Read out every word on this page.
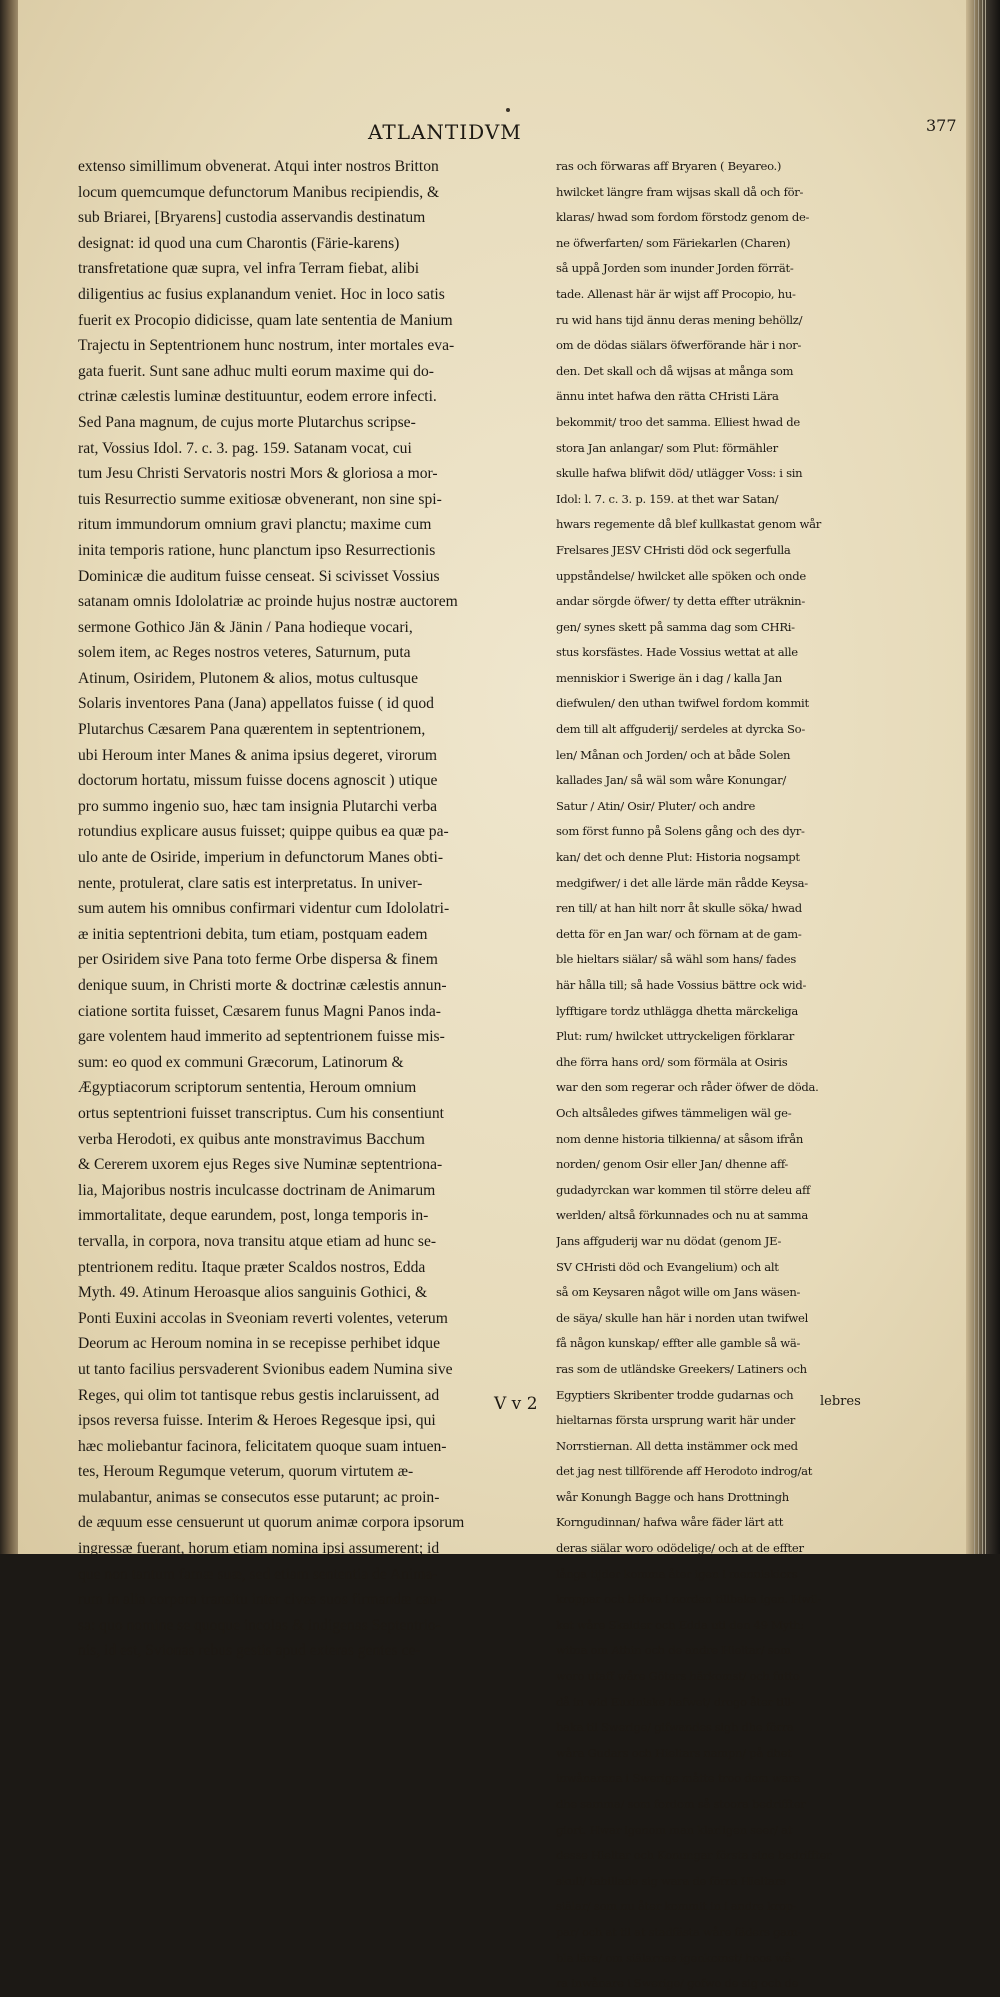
ATLANTIDVM	377
extenso simillimum obvenerat. Atqui inter nostros Britton
locum quemcumque defunctorum Manibus recipiendis, &
sub Briarei, [Bryarens] custodia asservandis destinatum
designat: id quod una cum Charontis (Färie-karens)
transfretatione quæ supra, vel infra Terram fiebat, alibi
diligentius ac fusius explanandum veniet. Hoc in loco satis
fuerit ex Procopio didicisse, quam late sententia de Manium
Trajectu in Septentrionem hunc nostrum, inter mortales eva-
gata fuerit. Sunt sane adhuc multi eorum maxime qui do-
ctrinæ cælestis luminæ destituuntur, eodem errore infecti.
Sed Pana magnum, de cujus morte Plutarchus scripse-
rat, Vossius Idol. 7. c. 3. pag. 159. Satanam vocat, cui
tum Jesu Christi Servatoris nostri Mors & gloriosa a mor-
tuis Resurrectio summe exitiosæ obvenerant, non sine spi-
ritum immundorum omnium gravi planctu; maxime cum
inita temporis ratione, hunc planctum ipso Resurrectionis
Dominicæ die auditum fuisse censeat. Si scivisset Vossius
satanam omnis Idololatriæ ac proinde hujus nostræ auctorem
sermone Gothico Jän & Jänin / Pana hodieque vocari,
solem item, ac Reges nostros veteres, Saturnum, puta
Atinum, Osiridem, Plutonem & alios, motus cultusque
Solaris inventores Pana (Jana) appellatos fuisse ( id quod
Plutarchus Cæsarem Pana quærentem in septentrionem,
ubi Heroum inter Manes & anima ipsius degeret, virorum
doctorum hortatu, missum fuisse docens agnoscit ) utique
pro summo ingenio suo, hæc tam insignia Plutarchi verba
rotundius explicare ausus fuisset; quippe quibus ea quæ pa-
ulo ante de Osiride, imperium in defunctorum Manes obti-
nente, protulerat, clare satis est interpretatus. In univer-
sum autem his omnibus confirmari videntur cum Idololatri-
æ initia septentrioni debita, tum etiam, postquam eadem
per Osiridem sive Pana toto ferme Orbe dispersa & finem
denique suum, in Christi morte & doctrinæ cælestis annun-
ciatione sortita fuisset, Cæsarem funus Magni Panos inda-
gare volentem haud immerito ad septentrionem fuisse mis-
sum: eo quod ex communi Græcorum, Latinorum &
Ægyptiacorum scriptorum sententia, Heroum omnium
ortus septentrioni fuisset transcriptus. Cum his consentiunt
verba Herodoti, ex quibus ante monstravimus Bacchum
& Cererem uxorem ejus Reges sive Numinæ septentriona-
lia, Majoribus nostris inculcasse doctrinam de Animarum
immortalitate, deque earundem, post, longa temporis in-
tervalla, in corpora, nova transitu atque etiam ad hunc se-
ptentrionem reditu. Itaque præter Scaldos nostros, Edda
Myth. 49. Atinum Heroasque alios sanguinis Gothici, &
Ponti Euxini accolas in Sveoniam reverti volentes, veterum
Deorum ac Heroum nomina in se recepisse perhibet idque
ut tanto facilius persvaderent Svionibus eadem Numina sive
Reges, qui olim tot tantisque rebus gestis inclaruissent, ad
ipsos reversa fuisse. Interim & Heroes Regesque ipsi, qui
hæc moliebantur facinora, felicitatem quoque suam intuen-
tes, Heroum Regumque veterum, quorum virtutem æ-
mulabantur, animas se consecutos esse putarunt; ac proin-
de æquum esse censuerunt ut quorum animæ corpora ipsorum
ingressæ fuerant, horum etiam nomina ipsi assumerent; id
que non tantum famæ suæ, sed etiam sententia de Anima-
rum in alia corpora transitu inter cives suos firmandæ cau-
sa: quo nomine se quoque incolas & indigenas Septentrio-
nis, id est, Svionas rebus gestis apud exteras gentes ce-
ras och förwaras aff Bryaren ( Beyareo.)
hwilcket längre fram wijsas skall då och för-
klaras/ hwad som fordom förstodz genom de-
ne öfwerfarten/ som Färiekarlen (Charen)
så uppå Jorden som inunder Jorden förrät-
tade. Allenast här är wijst aff Procopio, hu-
ru wid hans tijd ännu deras mening behöllz/
om de dödas siälars öfwerförande här i nor-
den. Det skall och då wijsas at många som
ännu intet hafwa den rätta CHristi Lära
bekommit/ troo det samma. Elliest hwad de
stora Jan anlangar/ som Plut: förmähler
skulle hafwa blifwit död/ utlägger Voss: i sin
Idol: l. 7. c. 3. p. 159. at thet war Satan/
hwars regemente då blef kullkastat genom wår
Frelsares JESV CHristi död ock segerfulla
uppståndelse/ hwilcket alle spöken och onde
andar sörgde öfwer/ ty detta effter uträknin-
gen/ synes skett på samma dag som CHRi-
stus korsfästes. Hade Vossius wettat at alle
menniskior i Swerige än i dag / kalla Jan
diefwulen/ den uthan twifwel fordom kommit
dem till alt affguderij/ serdeles at dyrcka So-
len/ Månan och Jorden/ och at både Solen
kallades Jan/ så wäl som wåre Konungar/
Satur / Atin/ Osir/ Pluter/ och andre
som först funno på Solens gång och des dyr-
kan/ det och denne Plut: Historia nogsampt
medgifwer/ i det alle lärde män rådde Keysa-
ren till/ at han hilt norr åt skulle söka/ hwad
detta för en Jan war/ och förnam at de gam-
ble hieltars siälar/ så wähl som hans/ fades
här hålla till; så hade Vossius bättre ock wid-
lyfftigare tordz uthlägga dhetta märckeliga
Plut: rum/ hwilcket uttryckeligen förklarar
dhe förra hans ord/ som förmäla at Osiris
war den som regerar och råder öfwer de döda.
Och altsåledes gifwes tämmeligen wäl ge-
nom denne historia tilkienna/ at såsom ifrån
norden/ genom Osir eller Jan/ dhenne aff-
gudadyrckan war kommen til större deleu aff
werlden/ altså förkunnades och nu at samma
Jans affguderij war nu dödat (genom JE-
SV CHristi död och Evangelium) och alt
så om Keysaren något wille om Jans wäsen-
de säya/ skulle han här i norden utan twifwel
få någon kunskap/ effter alle gamble så wä-
ras som de utländske Greekers/ Latiners och
Egyptiers Skribenter trodde gudarnas och
hieltarnas första ursprung warit här under
Norrstiernan. All detta instämmer ock med
det jag nest tillförende aff Herodoto indrog/at
wår Konungh Bagge och hans Drottningh
Korngudinnan/ hafwa wåre fäder lärt att
deras siälar woro odödelige/ och at de effter
långa tijder komma åter igen i menniskiors
kroppar och blifwa i norden tillbaka igen. Hwil-
ket wåre Skalder och Edda uti den 49 Myth:
witna om Athin och de andre Hieltar/ som
woro utaff wåre Göters härkomst/ och futto
då in wid Euxiniske hafwet/ drogo åter till-
baka til Swerige/ gifwandes sigh dhe förra
wåra Gudars och Hieltars nampn/ på dhet
inwånarena i Swerige måtte troo dem wara
dhe samma/ som fordom så stoora bedriffter
giort. Hwar igenom man klarligen seer/ at
desse Hieltar och Konungar första sine bedriffter
skull/ tabillade sig wara de förra Hieltars
siälar/ som nu åter kommit in i andre krop-
par/ och at til at stadfästa wåre fäders gam-
bla lära/ om siälarnas igenkomst/ hoos wå-
ra inwånare i Swerige/ gofwo de sig och de
V v 2	lebres
